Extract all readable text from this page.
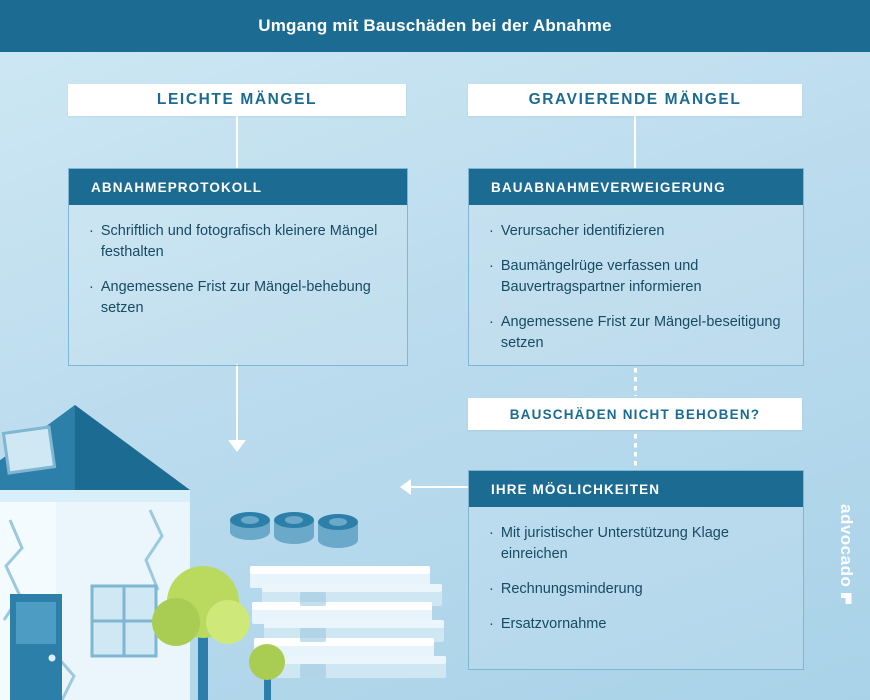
Umgang mit Bauschäden bei der Abnahme
LEICHTE MÄNGEL	GRAVIERENDE MÄNGEL
BAUSCHÄDEN NICHT BEHOBEN?
ABNAHMEPROTOKOLL
· Schriftlich und fotografisch kleinere Mängel festhalten
· Angemessene Frist zur Mängel-behebung setzen
BAUABNAHMEVERWEIGERUNG
· Verursacher identifizieren
· Baumängelrüge verfassen und Bauvertragspartner informieren
· Angemessene Frist zur Mängel-beseitigung setzen
IHRE MÖGLICHKEITEN
· Mit juristischer Unterstützung Klage einreichen
· Rechnungsminderung
· Ersatzvornahme
advocado
